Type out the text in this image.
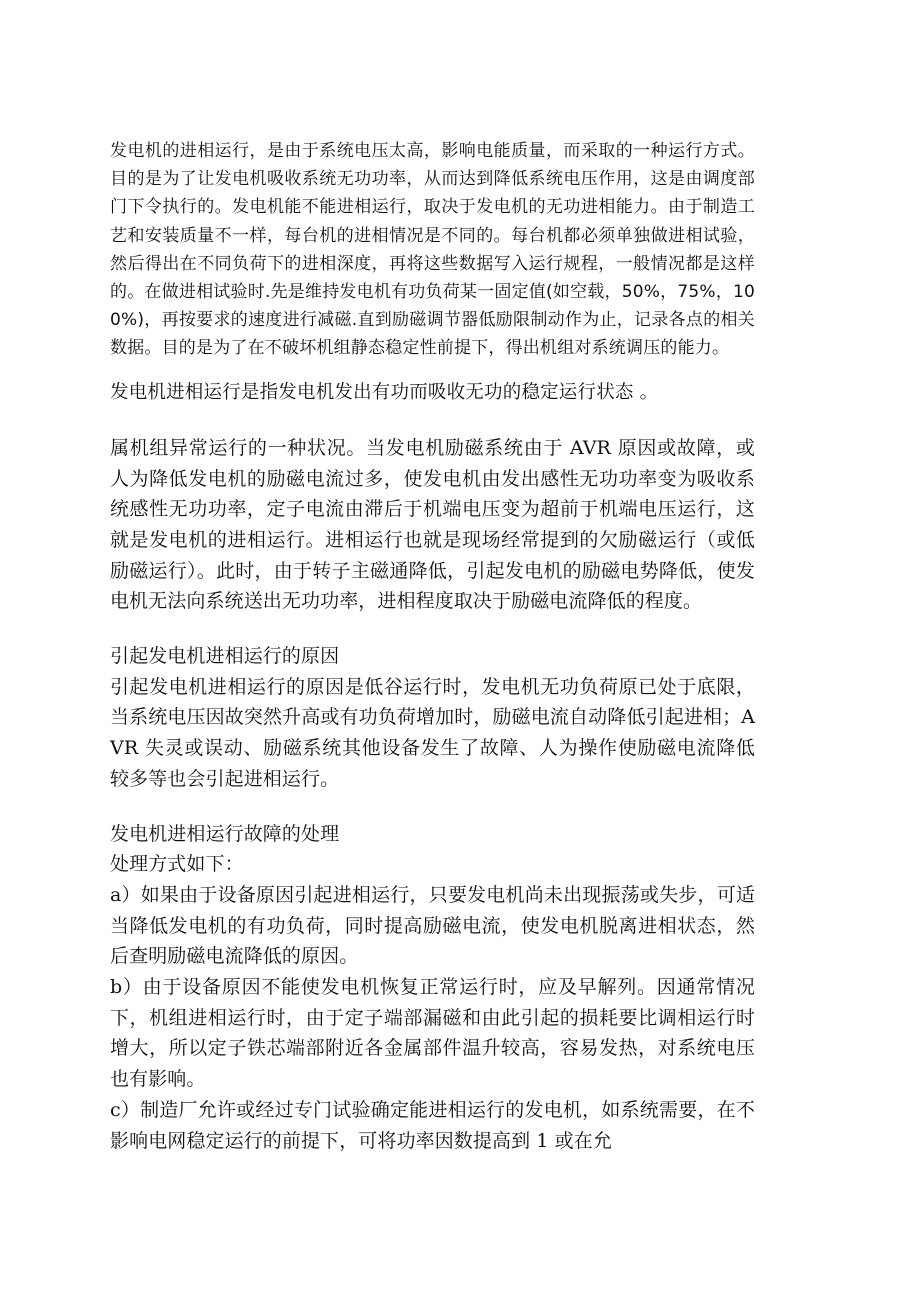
发电机的进相运行，是由于系统电压太高，影响电能质量，而采取的一种运行方式。目的是为了让发电机吸收系统无功功率，从而达到降低系统电压作用，这是由调度部门下令执行的。发电机能不能进相运行，取决于发电机的无功进相能力。由于制造工艺和安装质量不一样，每台机的进相情况是不同的。每台机都必须单独做进相试验，然后得出在不同负荷下的进相深度，再将这些数据写入运行规程，一般情况都是这样的。在做进相试验时.先是维持发电机有功负荷某一固定值(如空载，50%，75%，100%)，再按要求的速度进行减磁.直到励磁调节器低励限制动作为止，记录各点的相关数据。目的是为了在不破坏机组静态稳定性前提下，得出机组对系统调压的能力。

发电机进相运行是指发电机发出有功而吸收无功的稳定运行状态 。

属机组异常运行的一种状况。当发电机励磁系统由于 AVR 原因或故障，或人为降低发电机的励磁电流过多，使发电机由发出感性无功功率变为吸收系统感性无功功率，定子电流由滞后于机端电压变为超前于机端电压运行，这就是发电机的进相运行。进相运行也就是现场经常提到的欠励磁运行（或低励磁运行）。此时，由于转子主磁通降低，引起发电机的励磁电势降低，使发电机无法向系统送出无功功率，进相程度取决于励磁电流降低的程度。

引起发电机进相运行的原因

引起发电机进相运行的原因是低谷运行时，发电机无功负荷原已处于底限，当系统电压因故突然升高或有功负荷增加时，励磁电流自动降低引起进相；AVR 失灵或误动、励磁系统其他设备发生了故障、人为操作使励磁电流降低较多等也会引起进相运行。

发电机进相运行故障的处理

处理方式如下：

a）如果由于设备原因引起进相运行，只要发电机尚未出现振荡或失步，可适当降低发电机的有功负荷，同时提高励磁电流，使发电机脱离进相状态，然后查明励磁电流降低的原因。

b）由于设备原因不能使发电机恢复正常运行时，应及早解列。因通常情况下，机组进相运行时，由于定子端部漏磁和由此引起的损耗要比调相运行时增大，所以定子铁芯端部附近各金属部件温升较高，容易发热，对系统电压也有影响。

c）制造厂允许或经过专门试验确定能进相运行的发电机，如系统需要，在不影响电网稳定运行的前提下，可将功率因数提高到 1 或在允
